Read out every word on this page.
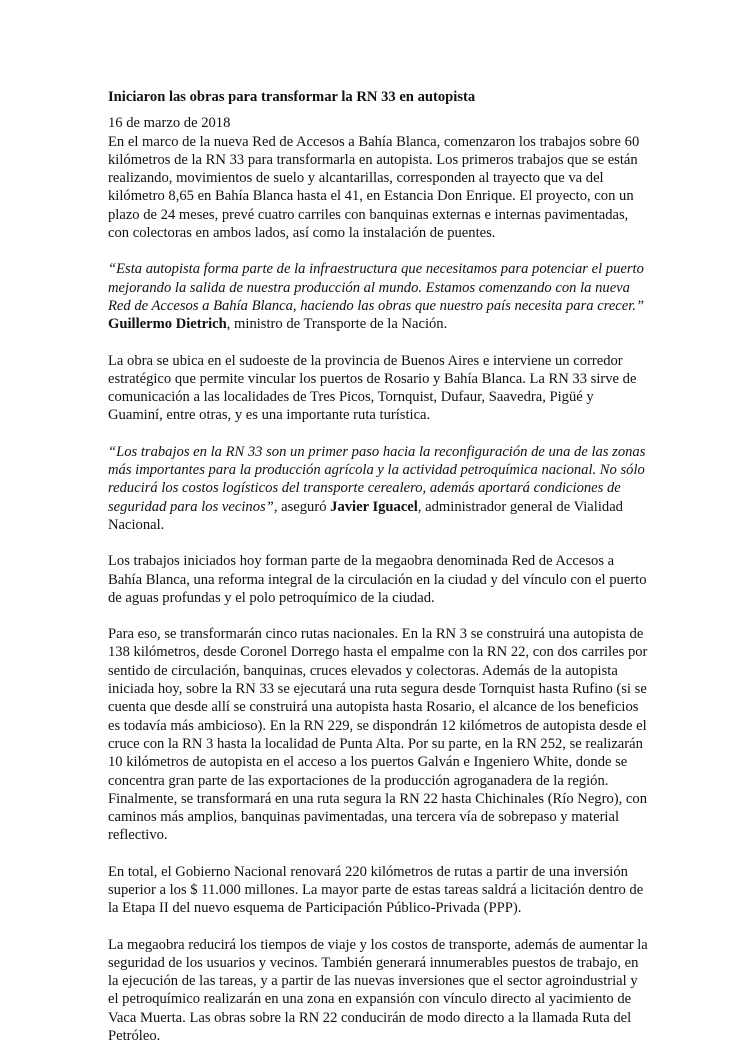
Iniciaron las obras para transformar la RN 33 en autopista

16 de marzo de 2018

En el marco de la nueva Red de Accesos a Bahía Blanca, comenzaron los trabajos sobre 60 kilómetros de la RN 33 para transformarla en autopista. Los primeros trabajos que se están realizando, movimientos de suelo y alcantarillas, corresponden al trayecto que va del kilómetro 8,65 en Bahía Blanca hasta el 41, en Estancia Don Enrique. El proyecto, con un plazo de 24 meses, prevé cuatro carriles con banquinas externas e internas pavimentadas, con colectoras en ambos lados, así como la instalación de puentes.

“Esta autopista forma parte de la infraestructura que necesitamos para potenciar el puerto mejorando la salida de nuestra producción al mundo. Estamos comenzando con la nueva Red de Accesos a Bahía Blanca, haciendo las obras que nuestro país necesita para crecer.” Guillermo Dietrich, ministro de Transporte de la Nación.

La obra se ubica en el sudoeste de la provincia de Buenos Aires e interviene un corredor estratégico que permite vincular los puertos de Rosario y Bahía Blanca. La RN 33 sirve de comunicación a las localidades de Tres Picos, Tornquist, Dufaur, Saavedra, Pigüé y Guaminí, entre otras, y es una importante ruta turística.

“Los trabajos en la RN 33 son un primer paso hacia la reconfiguración de una de las zonas más importantes para la producción agrícola y la actividad petroquímica nacional. No sólo reducirá los costos logísticos del transporte cerealero, además aportará condiciones de seguridad para los vecinos”, aseguró Javier Iguacel, administrador general de Vialidad Nacional.

Los trabajos iniciados hoy forman parte de la megaobra denominada Red de Accesos a Bahía Blanca, una reforma integral de la circulación en la ciudad y del vínculo con el puerto de aguas profundas y el polo petroquímico de la ciudad.

Para eso, se transformarán cinco rutas nacionales. En la RN 3 se construirá una autopista de 138 kilómetros, desde Coronel Dorrego hasta el empalme con la RN 22, con dos carriles por sentido de circulación, banquinas, cruces elevados y colectoras. Además de la autopista iniciada hoy, sobre la RN 33 se ejecutará una ruta segura desde Tornquist hasta Rufino (si se cuenta que desde allí se construirá una autopista hasta Rosario, el alcance de los beneficios es todavía más ambicioso). En la RN 229, se dispondrán 12 kilómetros de autopista desde el cruce con la RN 3 hasta la localidad de Punta Alta. Por su parte, en la RN 252, se realizarán 10 kilómetros de autopista en el acceso a los puertos Galván e Ingeniero White, donde se concentra gran parte de las exportaciones de la producción agroganadera de la región. Finalmente, se transformará en una ruta segura la RN 22 hasta Chichinales (Río Negro), con caminos más amplios, banquinas pavimentadas, una tercera vía de sobrepaso y material reflectivo.

En total, el Gobierno Nacional renovará 220 kilómetros de rutas a partir de una inversión superior a los $ 11.000 millones. La mayor parte de estas tareas saldrá a licitación dentro de la Etapa II del nuevo esquema de Participación Público-Privada (PPP).

La megaobra reducirá los tiempos de viaje y los costos de transporte, además de aumentar la seguridad de los usuarios y vecinos. También generará innumerables puestos de trabajo, en la ejecución de las tareas, y a partir de las nuevas inversiones que el sector agroindustrial y el petroquímico realizarán en una zona en expansión con vínculo directo al yacimiento de Vaca Muerta. Las obras sobre la RN 22 conducirán de modo directo a la llamada Ruta del Petróleo.
